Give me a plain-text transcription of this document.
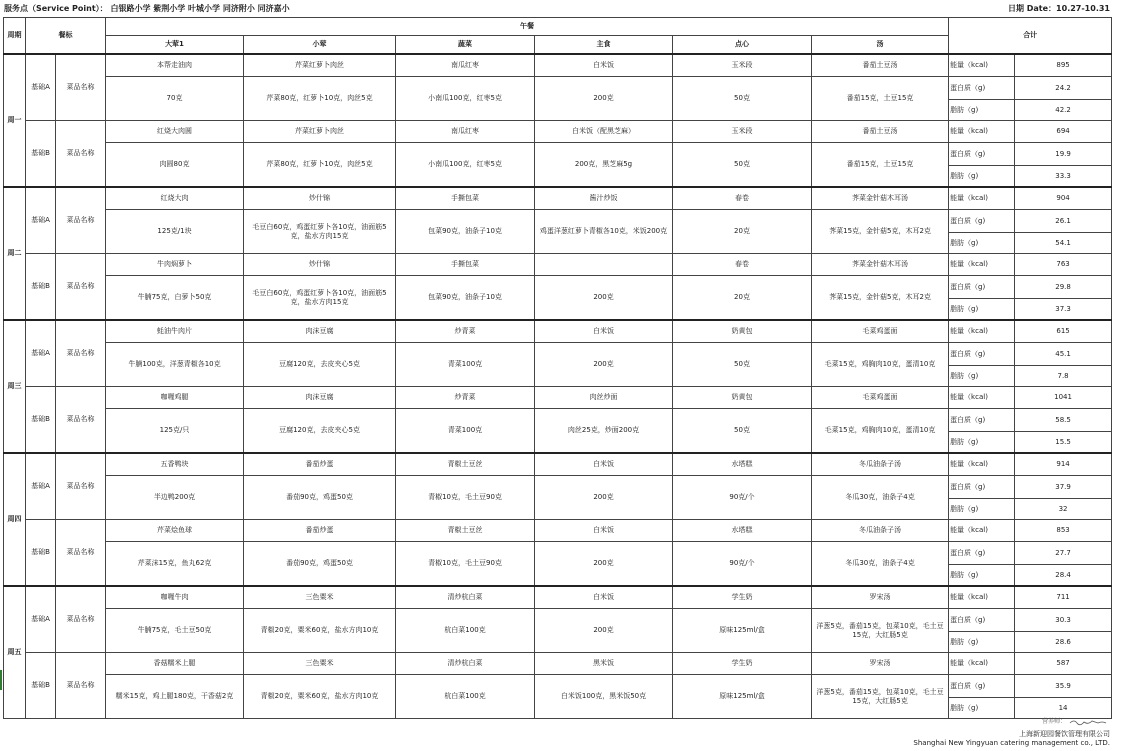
服务点（Service Point）： 白银路小学 紫荆小学 叶城小学 同济附小 同济嘉小	日期 Date：10.27-10.31
周期	餐标		午餐						合计	
			大荤1	小荤	蔬菜	主食	点心	汤		
周一	基础A	菜品名称	本帮走油肉	芹菜红萝卜肉丝	南瓜红枣	白米饭	玉米段	番茄土豆汤	能量（kcal)	895
			70克	芹菜80克，红萝卜10克，肉丝5克	小南瓜100克，红枣5克	200克	50克	番茄15克，土豆15克	蛋白质（g)	24.2
									脂肪（g)	42.2
	基础B	菜品名称	红烧大肉圆	芹菜红萝卜肉丝	南瓜红枣	白米饭（配黑芝麻）	玉米段	番茄土豆汤	能量（kcal)	694
			肉圆80克	芹菜80克，红萝卜10克，肉丝5克	小南瓜100克，红枣5克	200克，黑芝麻5g	50克	番茄15克，土豆15克	蛋白质（g)	19.9
									脂肪（g)	33.3
周二	基础A	菜品名称	红烧大肉	炒什锦	手撕包菜	酱汁炒饭	春卷	荠菜金针菇木耳汤	能量（kcal)	904
			125克/1块	毛豆白60克，鸡蛋红萝卜各10克，油面筋5克，盐水方肉15克	包菜90克，油条子10克	鸡蛋洋葱红萝卜青椒各10克，米饭200克	20克	荠菜15克，金针菇5克，木耳2克	蛋白质（g)	26.1
									脂肪（g)	54.1
	基础B	菜品名称	牛肉焖萝卜	炒什锦	手撕包菜		春卷	荠菜金针菇木耳汤	能量（kcal)	763
			牛腩75克，白萝卜50克	毛豆白60克，鸡蛋红萝卜各10克，油面筋5克，盐水方肉15克	包菜90克，油条子10克	200克	20克	荠菜15克，金针菇5克，木耳2克	蛋白质（g)	29.8
									脂肪（g)	37.3
周三	基础A	菜品名称	蚝油牛肉片	肉沫豆腐	炒青菜	白米饭	奶黄包	毛菜鸡蛋面	能量（kcal)	615
			牛腩100克，洋葱青椒各10克	豆腐120克，去皮夹心5克	青菜100克	200克	50克	毛菜15克，鸡胸肉10克，蛋清10克	蛋白质（g)	45.1
									脂肪（g)	7.8
	基础B	菜品名称	咖喱鸡腿	肉沫豆腐	炒青菜	肉丝炒面	奶黄包	毛菜鸡蛋面	能量（kcal)	1041
			125克/只	豆腐120克，去皮夹心5克	青菜100克	肉丝25克，炒面200克	50克	毛菜15克，鸡胸肉10克，蛋清10克	蛋白质（g)	58.5
									脂肪（g)	15.5
周四	基础A	菜品名称	五香鸭块	番茄炒蛋	青椒土豆丝	白米饭	水塔糕	冬瓜油条子汤	能量（kcal)	914
			半边鸭200克	番茄90克，鸡蛋50克	青椒10克，毛土豆90克	200克	90克/个	冬瓜30克，油条子4克	蛋白质（g)	37.9
									脂肪（g)	32
	基础B	菜品名称	芹菜烩鱼球	番茄炒蛋	青椒土豆丝	白米饭	水塔糕	冬瓜油条子汤	能量（kcal)	853
			芹菜沫15克，鱼丸62克	番茄90克，鸡蛋50克	青椒10克，毛土豆90克	200克	90克/个	冬瓜30克，油条子4克	蛋白质（g)	27.7
									脂肪（g)	28.4
周五	基础A	菜品名称	咖喱牛肉	三色粟米	清炒杭白菜	白米饭	学生奶	罗宋汤	能量（kcal)	711
			牛腩75克，毛土豆50克	青椒20克，粟米60克，盐水方肉10克	杭白菜100克	200克	原味125ml/盒	洋葱5克，番茄15克，包菜10克，毛土豆15克，大红肠5克	蛋白质（g)	30.3
									脂肪（g)	28.6
	基础B	菜品名称	香菇糯米上腿	三色粟米	清炒杭白菜	黑米饭	学生奶	罗宋汤	能量（kcal)	587
			糯米15克，鸡上腿180克，干香菇2克	青椒20克，粟米60克，盐水方肉10克	杭白菜100克	白米饭100克，黑米饭50克	原味125ml/盒	洋葱5克，番茄15克，包菜10克，毛土豆15克，大红肠5克	蛋白质（g)	35.9
									脂肪（g)	14
营养师：
上海新迎园餐饮管理有限公司
Shanghai New Yingyuan catering management co., LTD.
